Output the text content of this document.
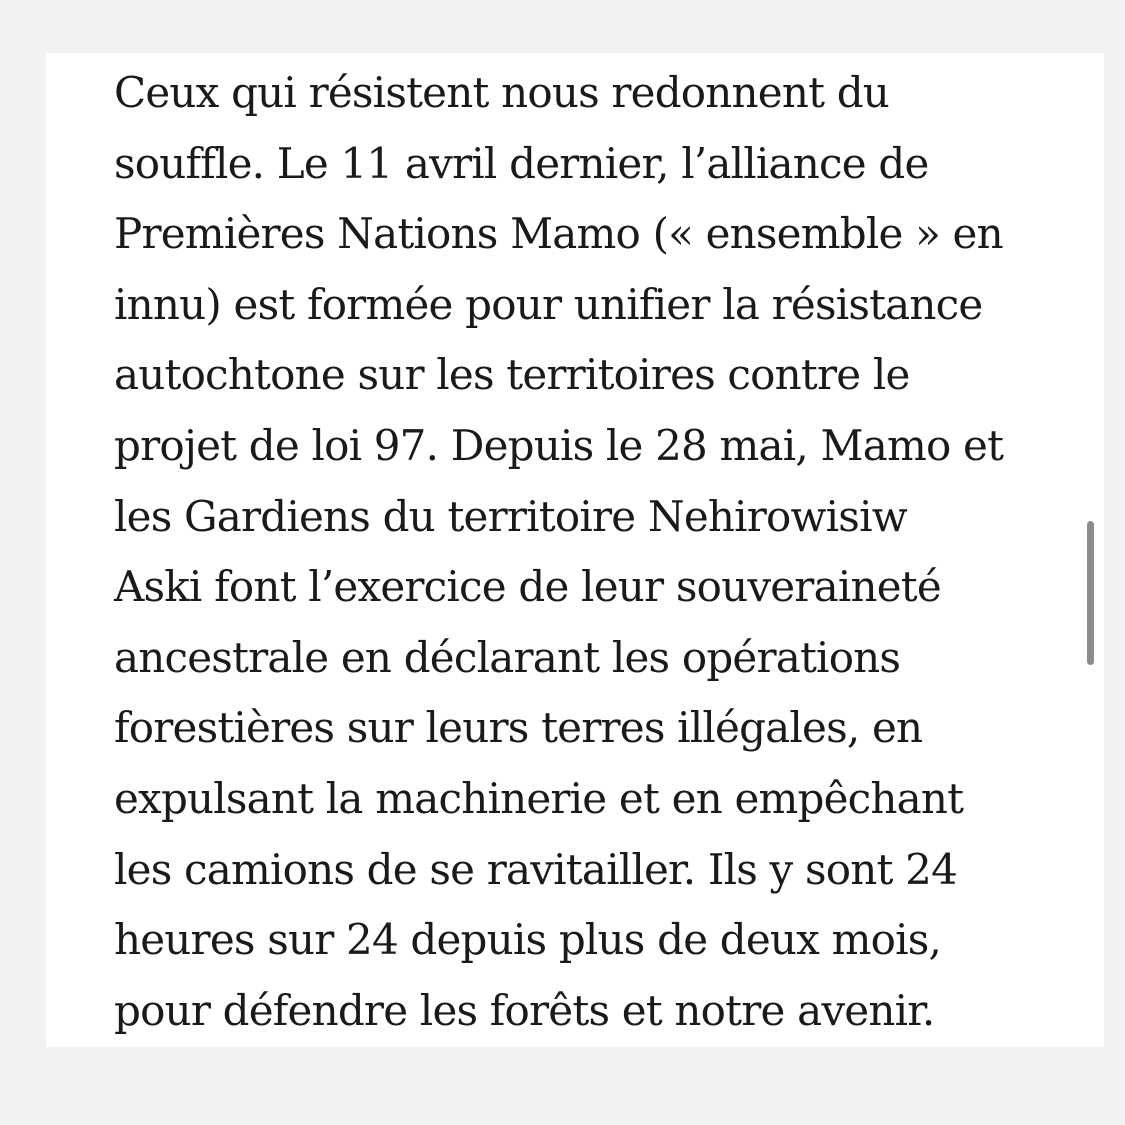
Ceux qui résistent nous redonnent du
souffle. Le 11 avril dernier, l’alliance de
Premières Nations Mamo (« ensemble » en
innu) est formée pour unifier la résistance
autochtone sur les territoires contre le
projet de loi 97. Depuis le 28 mai, Mamo et
les Gardiens du territoire Nehirowisiw
Aski font l’exercice de leur souveraineté
ancestrale en déclarant les opérations
forestières sur leurs terres illégales, en
expulsant la machinerie et en empêchant
les camions de se ravitailler. Ils y sont 24
heures sur 24 depuis plus de deux mois,
pour défendre les forêts et notre avenir.
